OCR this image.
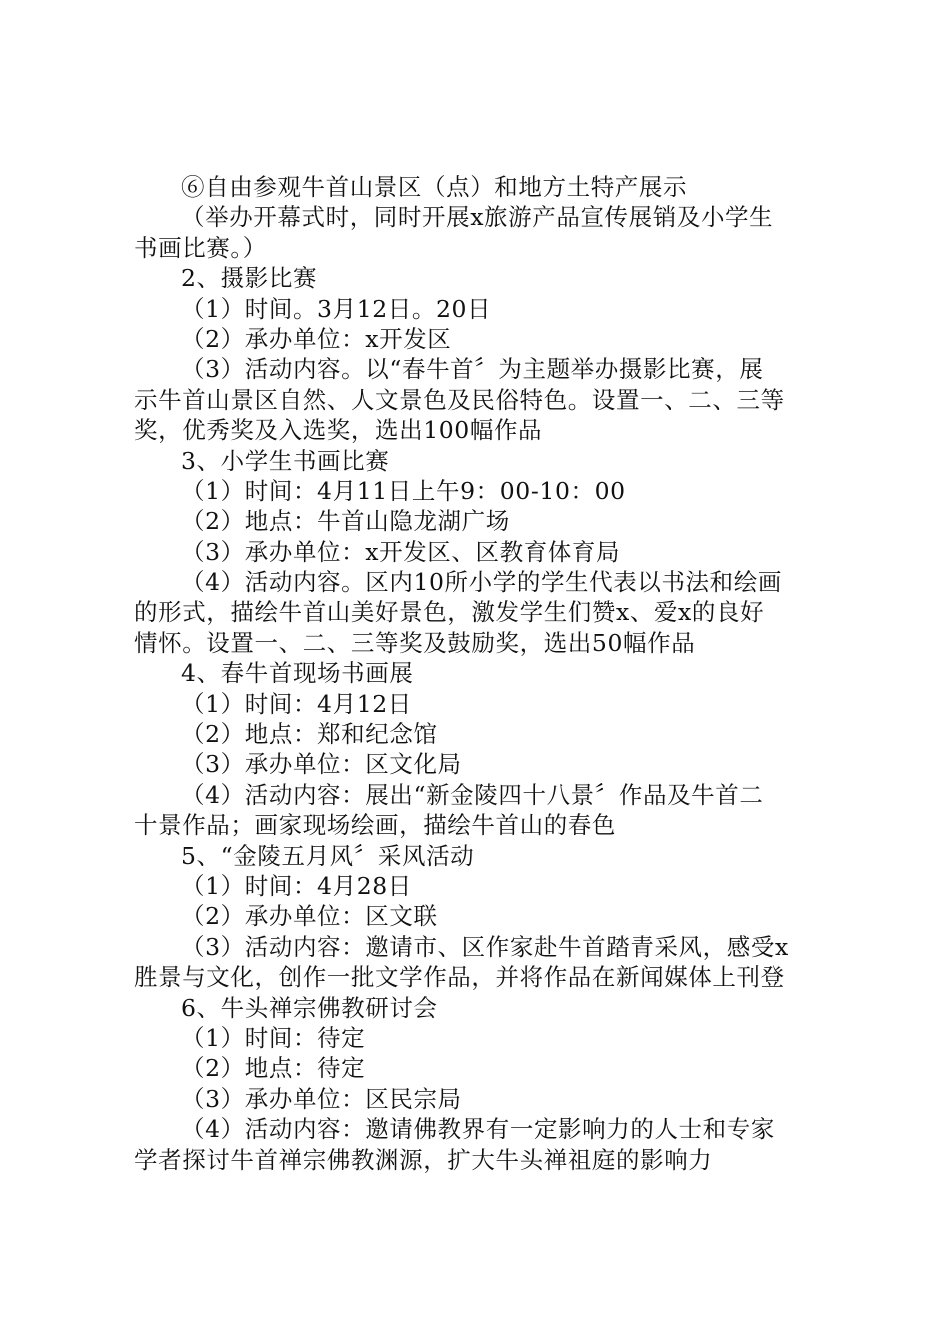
⑥自由参观牛首山景区（点）和地方土特产展示
（举办开幕式时，同时开展x旅游产品宣传展销及小学生
书画比赛。）
2、摄影比赛
（1）时间。3月12日。20日
（2）承办单位：x开发区
（3）活动内容。以“春牛首〞为主题举办摄影比赛，展
示牛首山景区自然、人文景色及民俗特色。设置一、二、三等
奖，优秀奖及入选奖，选出100幅作品
3、小学生书画比赛
（1）时间：4月11日上午9：00-10：00
（2）地点：牛首山隐龙湖广场
（3）承办单位：x开发区、区教育体育局
（4）活动内容。区内10所小学的学生代表以书法和绘画
的形式，描绘牛首山美好景色，激发学生们赞x、爱x的良好
情怀。设置一、二、三等奖及鼓励奖，选出50幅作品
4、春牛首现场书画展
（1）时间：4月12日
（2）地点：郑和纪念馆
（3）承办单位：区文化局
（4）活动内容：展出“新金陵四十八景〞作品及牛首二
十景作品；画家现场绘画，描绘牛首山的春色
5、“金陵五月风〞采风活动
（1）时间：4月28日
（2）承办单位：区文联
（3）活动内容：邀请市、区作家赴牛首踏青采风，感受x
胜景与文化，创作一批文学作品，并将作品在新闻媒体上刊登
6、牛头禅宗佛教研讨会
（1）时间：待定
（2）地点：待定
（3）承办单位：区民宗局
（4）活动内容：邀请佛教界有一定影响力的人士和专家
学者探讨牛首禅宗佛教渊源，扩大牛头禅祖庭的影响力
